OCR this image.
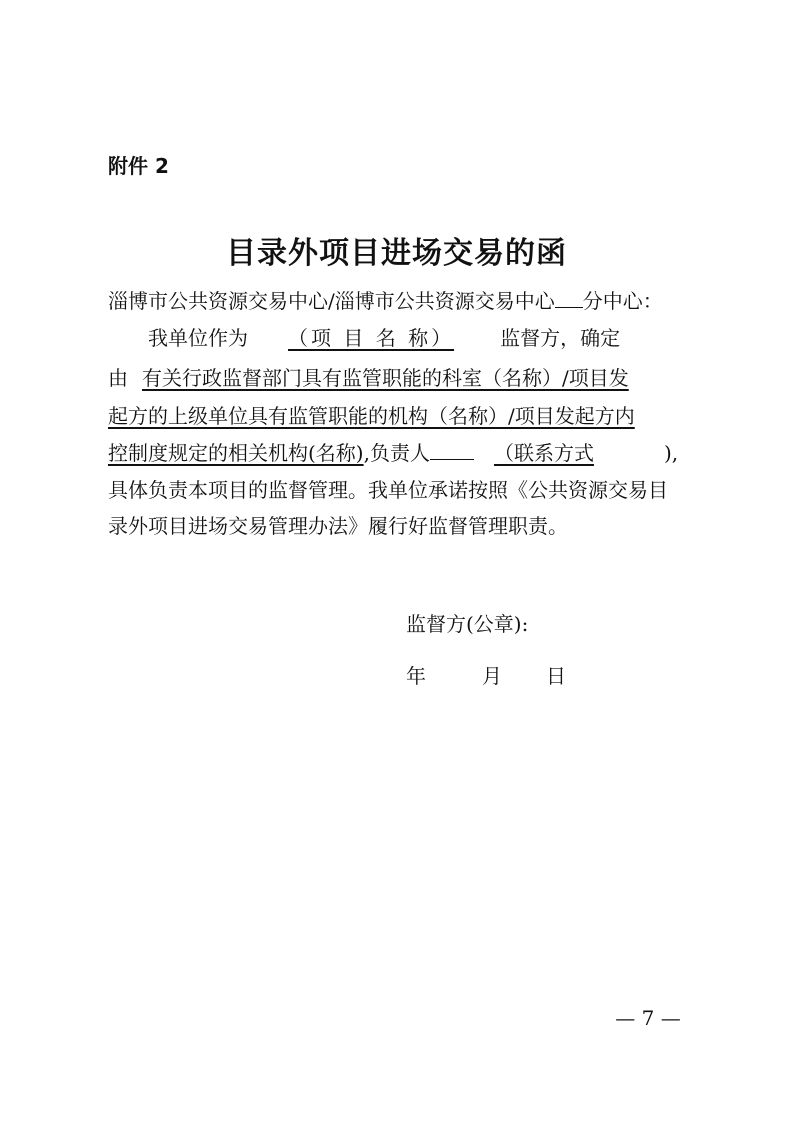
附件 2
目录外项目进场交易的函
淄博市公共资源交易中心/淄博市公共资源交易中心 分中心：
我单位作为 （项 目 名 称） 监督方，确定
由 有关行政监督部门具有监管职能的科室（名称）/项目发
起方的上级单位具有监管职能的机构（名称）/项目发起方内
控制度规定的相关机构(名称),负责人	（联系方式	),
具体负责本项目的监督管理。我单位承诺按照《公共资源交易目
录外项目进场交易管理办法》履行好监督管理职责。
监督方(公章):
年	月 日
— 7 —
